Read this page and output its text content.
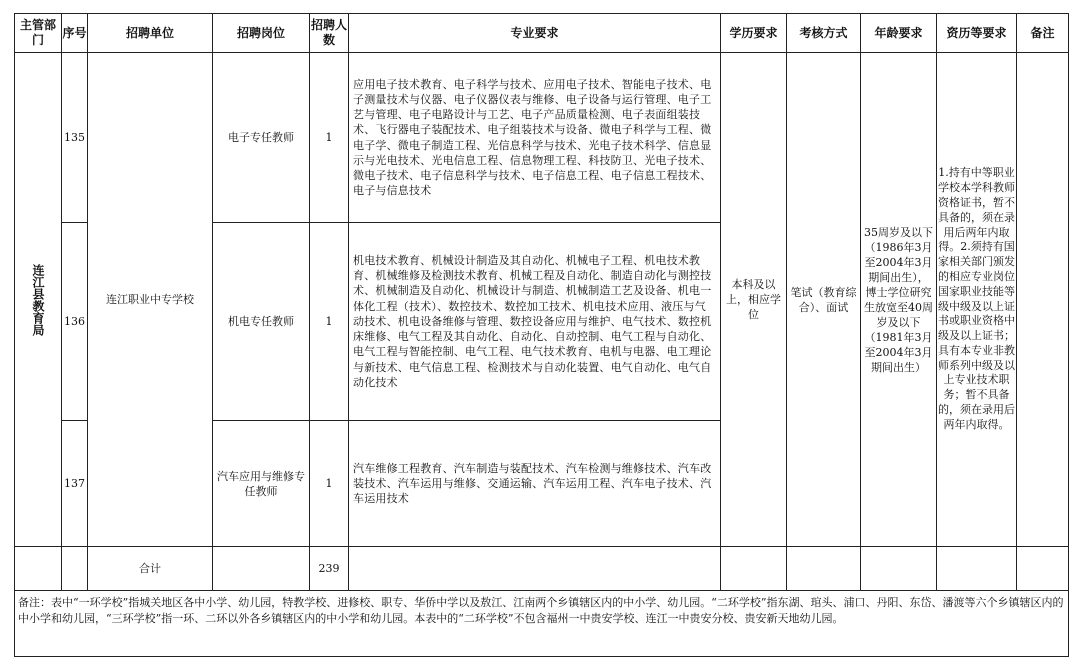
主管部门	序号	招聘单位	招聘岗位	招聘人数	专业要求	学历要求	考核方式	年龄要求	资历等要求	备注

连江县教育局	135	连江职业中专学校	电子专任教师	1	应用电子技术教育、电子科学与技术、应用电子技术、智能电子技术、电子测量技术与仪器、电子仪器仪表与维修、电子设备与运行管理、电子工艺与管理、电子电路设计与工艺、电子产品质量检测、电子表面组装技术、飞行器电子装配技术、电子组装技术与设备、微电子科学与工程、微电子学、微电子制造工程、光信息科学与技术、光电子技术科学、信息显示与光电技术、光电信息工程、信息物理工程、科技防卫、光电子技术、微电子技术、电子信息科学与技术、电子信息工程、电子信息工程技术、电子与信息技术	本科及以上，相应学位	笔试（教育综合）、面试	35周岁及以下（1986年3月至2004年3月期间出生），博士学位研究生放宽至40周岁及以下（1981年3月至2004年3月期间出生）	1.持有中等职业学校本学科教师资格证书，暂不具备的，须在录用后两年内取得。2.须持有国家相关部门颁发的相应专业岗位国家职业技能等级中级及以上证书或职业资格中级及以上证书；具有本专业非教师系列中级及以上专业技术职务；暂不具备的，须在录用后两年内取得。	
	136		机电专任教师	1	机电技术教育、机械设计制造及其自动化、机械电子工程、机电技术教育、机械维修及检测技术教育、机械工程及自动化、制造自动化与测控技术、机械制造及自动化、机械设计与制造、机械制造工艺及设备、机电一体化工程（技术）、数控技术、数控加工技术、机电技术应用、液压与气动技术、机电设备维修与管理、数控设备应用与维护、电气技术、数控机床维修、电气工程及其自动化、自动化、自动控制、电气工程与自动化、电气工程与智能控制、电气工程、电气技术教育、电机与电器、电工理论与新技术、电气信息工程、检测技术与自动化装置、电气自动化、电气自动化技术					
	137		汽车应用与维修专任教师	1	汽车维修工程教育、汽车制造与装配技术、汽车检测与维修技术、汽车改装技术、汽车运用与维修、交通运输、汽车运用工程、汽车电子技术、汽车运用技术					
		合计		239						
备注：表中“一环学校”指城关地区各中小学、幼儿园，特教学校、进修校、职专、华侨中学以及敖江、江南两个乡镇辖区内的中小学、幼儿园。“二环学校”指东湖、琯头、浦口、丹阳、东岱、潘渡等六个乡镇辖区内的中小学和幼儿园，“三环学校”指一环、二环以外各乡镇辖区内的中小学和幼儿园。本表中的“二环学校”不包含福州一中贵安学校、连江一中贵安分校、贵安新天地幼儿园。										
